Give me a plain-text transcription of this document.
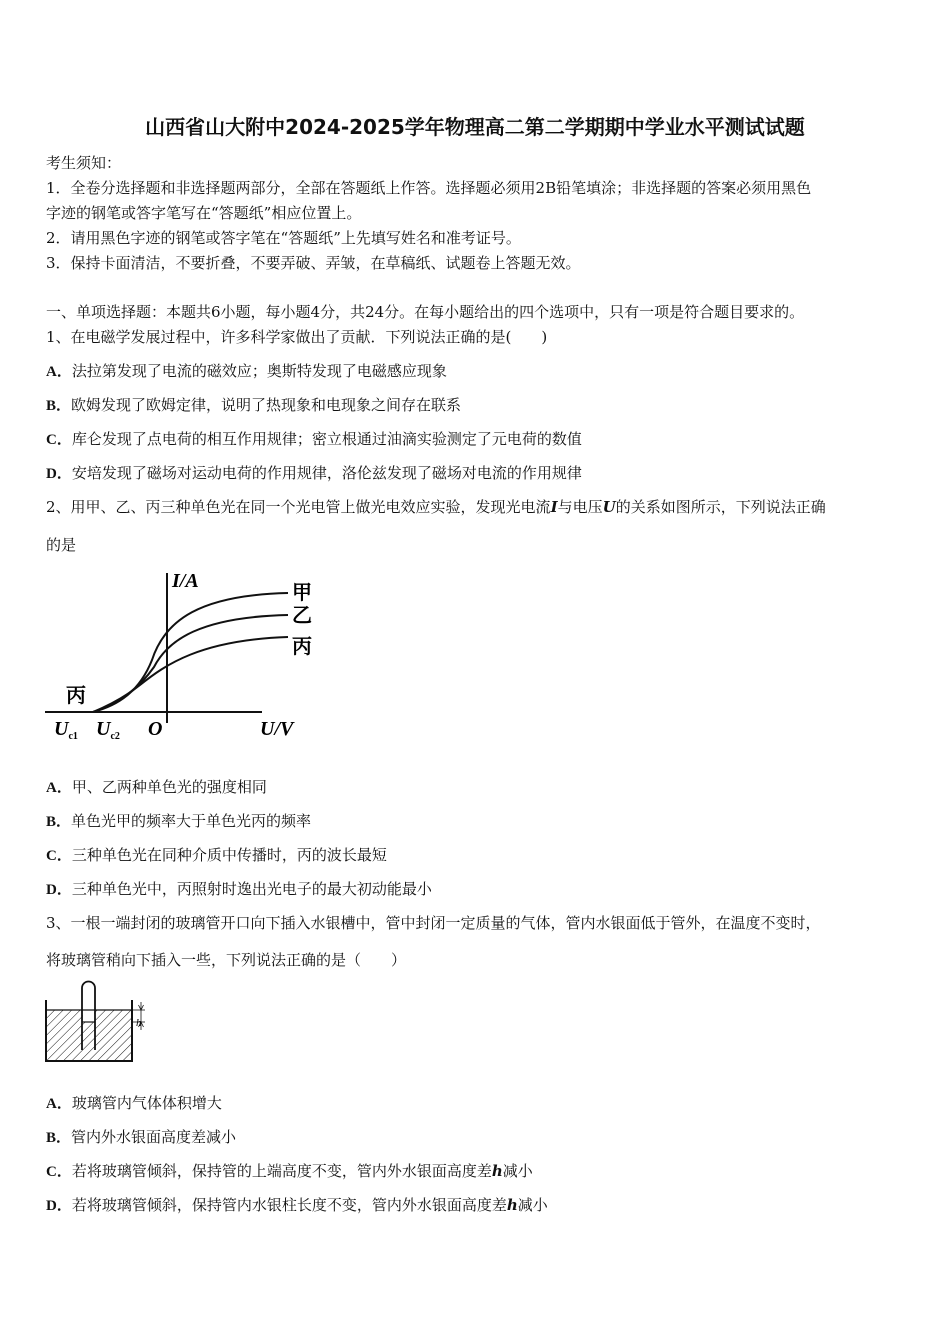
山西省山大附中2024-2025学年物理高二第二学期期中学业水平测试试题
考生须知：
1．全卷分选择题和非选择题两部分，全部在答题纸上作答。选择题必须用2B铅笔填涂；非选择题的答案必须用黑色
字迹的钢笔或答字笔写在“答题纸”相应位置上。
2．请用黑色字迹的钢笔或答字笔在“答题纸”上先填写姓名和准考证号。
3．保持卡面清洁，不要折叠，不要弄破、弄皱，在草稿纸、试题卷上答题无效。
一、单项选择题：本题共6小题，每小题4分，共24分。在每小题给出的四个选项中，只有一项是符合题目要求的。
1、在电磁学发展过程中，许多科学家做出了贡献．下列说法正确的是(　　)
A．法拉第发现了电流的磁效应；奥斯特发现了电磁感应现象
B．欧姆发现了欧姆定律，说明了热现象和电现象之间存在联系
C．库仑发现了点电荷的相互作用规律；密立根通过油滴实验测定了元电荷的数值
D．安培发现了磁场对运动电荷的作用规律，洛伦兹发现了磁场对电流的作用规律
2、用甲、乙、丙三种单色光在同一个光电管上做光电效应实验，发现光电流I与电压U的关系如图所示，下列说法正确
的是
I/A
U/V
O
$U_{c1}$ $U_{c2}$
甲
乙
丙
丙
A．甲、乙两种单色光的强度相同
B．单色光甲的频率大于单色光丙的频率
C．三种单色光在同种介质中传播时，丙的波长最短
D．三种单色光中，丙照射时逸出光电子的最大初动能最小
3、一根一端封闭的玻璃管开口向下插入水银槽中，管中封闭一定质量的气体，管内水银面低于管外，在温度不变时，
将玻璃管稍向下插入一些，下列说法正确的是（　　）
h
A．玻璃管内气体体积增大
B．管内外水银面高度差减小
C．若将玻璃管倾斜，保持管的上端高度不变，管内外水银面高度差h减小
D．若将玻璃管倾斜，保持管内水银柱长度不变，管内外水银面高度差h减小
